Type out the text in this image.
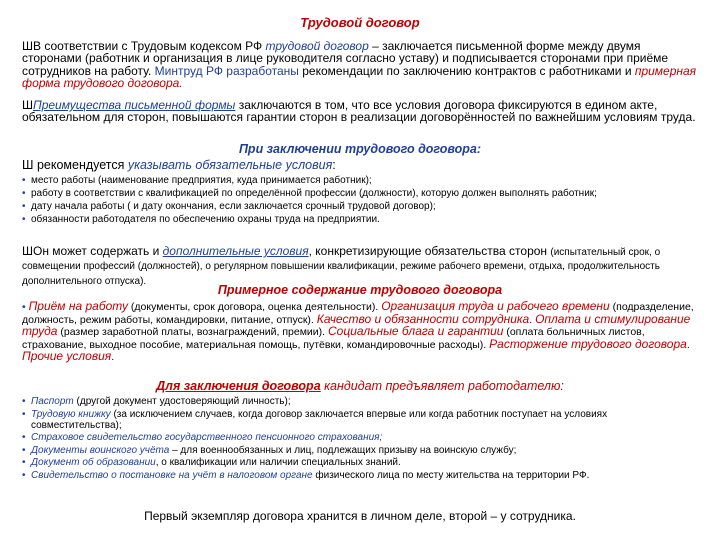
Трудовой договор

ШВ соответствии с Трудовым кодексом РФ трудовой договор – заключается письменной форме между двумя сторонами (работник и организация в лице руководителя согласно уставу) и подписывается сторонами при приёме сотрудников на работу. Минтруд РФ разработаны рекомендации по заключению контрактов с работниками и примерная форма трудового договора.

ШПреимущества письменной формы заключаются в том, что все условия договора фиксируются в едином акте, обязательном для сторон, повышаются гарантии сторон в реализации договорённостей по важнейшим условиям труда.

При заключении трудового договора:

Ш рекомендуется указывать обязательные условия:

• место работы (наименование предприятия, куда принимается работник);
• работу в соответствии с квалификацией по определённой профессии (должности), которую должен выполнять работник;
• дату начала работы ( и дату окончания, если заключается срочный трудовой договор);
• обязанности работодателя по обеспечению охраны труда на предприятии.

ШОн может содержать и дополнительные условия, конкретизирующие обязательства сторон (испытательный срок, о совмещении профессий (должностей), о регулярном повышении квалификации, режиме рабочего времени, отдыха, продолжительность дополнительного отпуска).

Примерное содержание трудового договора

• Приём на работу (документы, срок договора, оценка деятельности). Организация труда и рабочего времени (подразделение, должность, режим работы, командировки, питание, отпуск). Качество и обязанности сотрудника. Оплата и стимулирование труда (размер заработной платы, вознаграждений, премии). Социальные блага и гарантии (оплата больничных листов, страхование, выходное пособие, материальная помощь, путёвки, командировочные расходы). Расторжение трудового договора. Прочие условия.

Для заключения договора кандидат предъявляет работодателю:
• Паспорт (другой документ удостоверяющий личность);
• Трудовую книжку (за исключением случаев, когда договор заключается впервые или когда работник поступает на условиях совместительства);
• Страховое свидетельство государственного пенсионного страхования;
• Документы воинского учёта – для военнообязанных и лиц, подлежащих призыву на воинскую службу;
• Документ об образовании, о квалификации или наличии специальных знаний.
• Свидетельство о постановке на учёт в налоговом органе физического лица по месту жительства на территории РФ.

Первый экземпляр договора хранится в личном деле, второй – у сотрудника.
